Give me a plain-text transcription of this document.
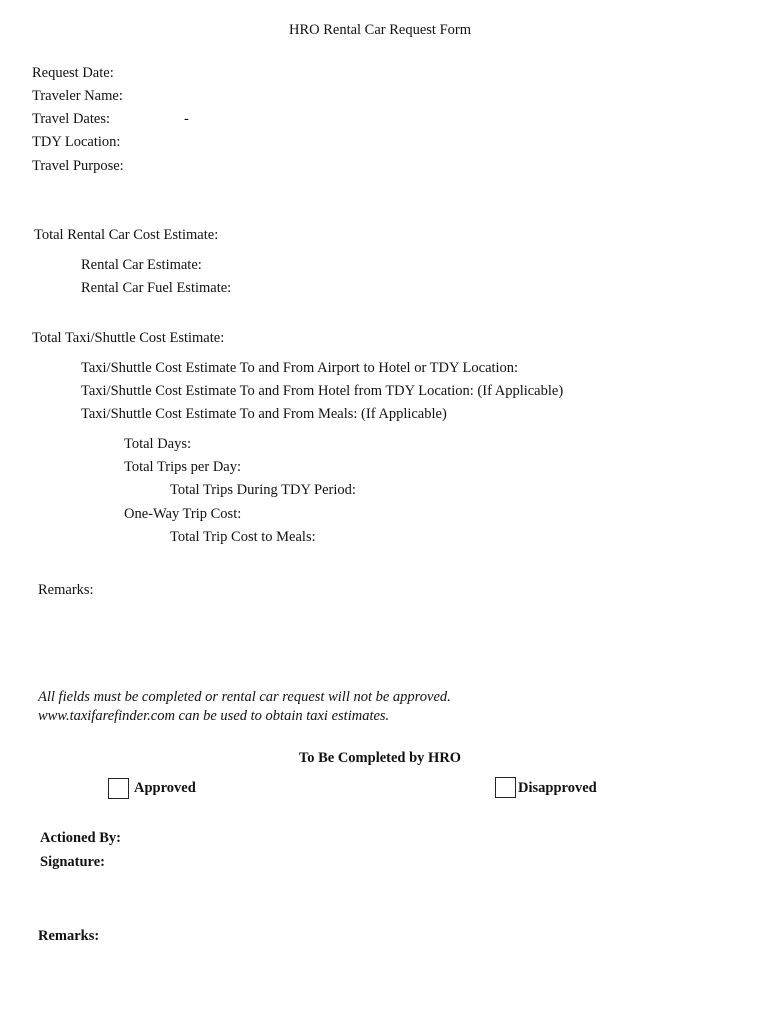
HRO Rental Car Request Form
Request Date:
Traveler Name:
Travel Dates:	-
TDY Location:
Travel Purpose:
Total Rental Car Cost Estimate:
Rental Car Estimate:
Rental Car Fuel Estimate:
Total Taxi/Shuttle Cost Estimate:
Taxi/Shuttle Cost Estimate To and From Airport to Hotel or TDY Location:
Taxi/Shuttle Cost Estimate To and From Hotel from TDY Location: (If Applicable)
Taxi/Shuttle Cost Estimate To and From Meals: (If Applicable)
Total Days:
Total Trips per Day:
Total Trips During TDY Period:
One-Way Trip Cost:
Total Trip Cost to Meals:
Remarks:
All fields must be completed or rental car request will not be approved.
www.taxifarefinder.com can be used to obtain taxi estimates.
To Be Completed by HRO
Approved	Disapproved
Actioned By:
Signature:
Remarks:
